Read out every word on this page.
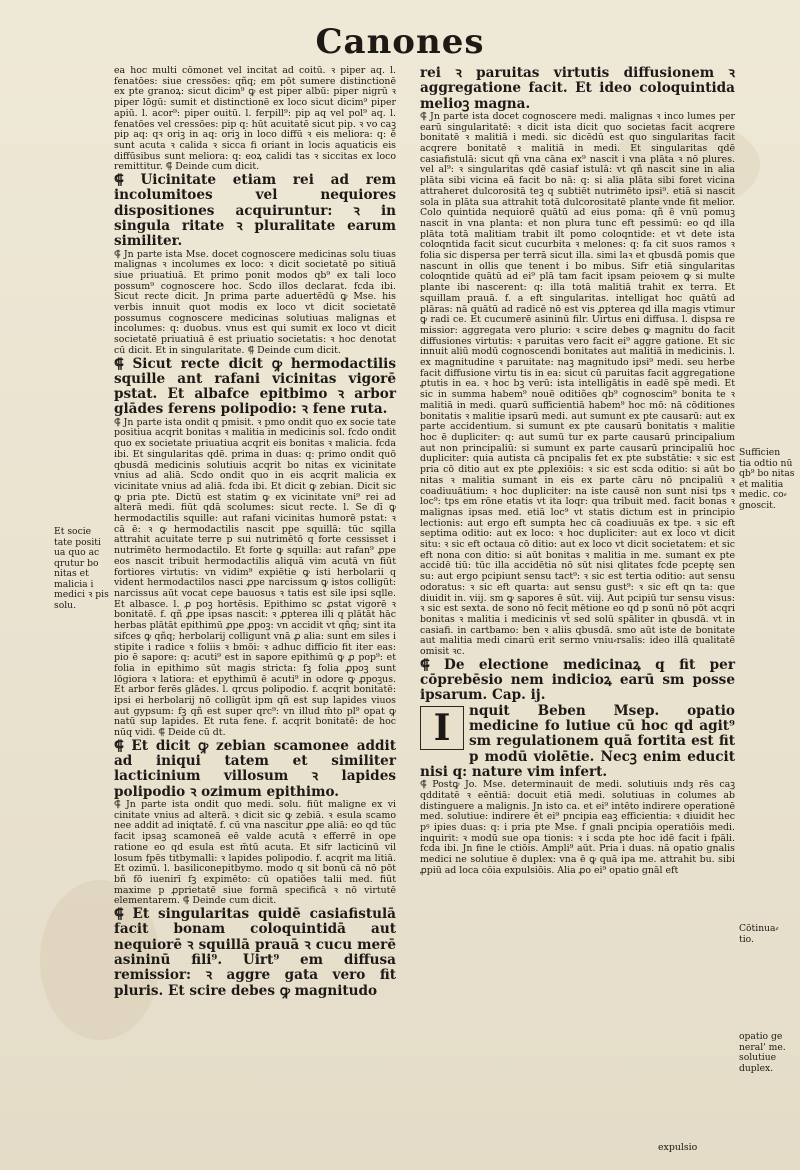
Canones

ea hoc multi cōmonet vel incitat ad coitū. ꝛ piper aq. l. fenatōes: siue cressōes: qñq; em pōt sumere distinctionē ex pte granoꝝ: sicut dicim⁹ ꝙ est piper albū: piper nigrū ꝛ piper lōgū: sumit et distinctionē ex loco sicut dicim⁹ piper apiū. l. acor⁹: piper ouitū. l. ferpill⁹: pip aq vel pol⁹ aq. l. fenatōes vel cressōes: pip q: hūt acuitatē sicut pip. ꝛ vo caꝫ pip aq: qꝛ oriꝫ in aq: oriꝫ in loco diffū ꝛ eis meliora: q: ē sunt acuta ꝛ calida ꝛ sicca fi oriant in locis aquaticis eis diffūsibus sunt meliora: q: eoꝝ calidi tas ꝛ siccitas ex loco remittitur. ⸿ Deinde cum dicit.

⸿ Uicinitate etiam rei ad rem incolumitoes vel nequiores dispositiones acquiruntur: ꝛ in singula ritate ꝛ pluralitate earum similiter.

⸿ Jn parte ista Mse. docet cognoscere medicinas solu tiuas malignas ꝛ incolumes ex loco: ꝛ dicit societatē po sitiuā siue priuatiuā. Et primo ponit modos qb⁹ ex tali loco possum⁹ cognoscere hoc. Scdo illos declarat. fcda ibi. Sicut recte dicit. Jn prima parte aduertēdū ꝙ Mse. his verbis innuit quot modis ex loco vt dicit societatē possumus cognoscere medicinas solutiuas malignas et incolumes: q: duobus. vnus est qui sumit ex loco vt dicit societatē priuatiuā ē est priuatio societatis: ꝛ hoc denotat cū dicit. Et in singularitate. ⸿ Deinde cum dicit.

⸿ Sicut recte dicit ꝙ hermodactilis squille ant rafani vicinitas vigorē pstat. Et albafce epitbimo ꝛ arbor glādes ferens polipodio: ꝛ fene ruta.

⸿ Jn parte ista ondit q pmisit. ꝛ pmo ondit quo ex socie tate positiua acqrit bonitas ꝛ malitia in medicinis sol. fcdo ondit quo ex societate priuatiua acqrit eis bonitas ꝛ malicia. fcda ibi. Et singularitas qdē. prima in duas: q: primo ondit quō qbusdā medicinis solutiuis acqrit bo nitas ex vicinitate vnius ad aliā. Scdo ondit quo in eis acqrit malicia ex vicinitate vnius ad aliā. fcda ibi. Et dicit ꝙ zebian. Dicit sic ꝙ pria pte. Dictū est statim ꝙ ex vicinitate vni⁹ rei ad alterā medi. fiūt qdā scolumes: sicut recte. l. Se dī ꝙ hermodactilis squille: aut rafani vicinitas humorē pstat: ꝛ cā ē: ꝛ ꝙ hermodactilis nascit ppe squillā: tūc sqilla attrahit acuitate terre p sui nutrimētō q forte cessisset i nutrimēto hermodactilo. Et forte ꝙ squilla: aut rafan⁹ ꝓpe eos nascit tribuit hermodactilis aliquā vim acutā vn fiūt fortiores virtutis: vn vidim⁹ expiētie ꝙ isti herbolarii q vident hermodactilos nasci ꝓpe narcissum ꝙ istos colligūt: narcissus aūt vocat cepe bauosus ꝛ tatis est sile ipsi sqlle. Et albasce. l. ꝓ poꝫ hortēsis. Epithimo sc ꝓstat vigorē ꝛ bonitatē. f. qñ ꝓpe ipsas nascit: ꝛ ꝓpterea illi q plātāt hāc herbas plātāt epithimū ꝓpe ꝓpoꝫ: vn accidit vt qñq; sint ita sifces ꝙ qñq; herbolarij colligunt vnā ꝓ alia: sunt em siles i stipite i radice ꝛ foliis ꝛ bmōi: ꝛ adhuc difficio fit iter eas: pio ē sapore: q: acuti⁹ est in sapore epithimū ꝙ ꝓ pop⁹: et folia in epithimo sūt magis stricta: fꝫ folia ꝓpoꝫ sunt lōgiora ꝛ latiora: et epythimū ē acuti⁹ in odore ꝙ ꝓpoꝫus. Et arbor ferēs glādes. l. qrcus polipodio. f. acqrit bonitatē: ipsi ei herbolarij nō colligūt ipm qñ est sup lapides viuos aut gypsum: fꝫ qñ est super qrc⁹: vn illud m̄to pl⁹ opat ꝙ natū sup lapides. Et ruta fene. f. acqrit bonitatē: de hoc nūq vidi. ⸿ Deide cū dt.

⸿ Et dicit ꝙ zebian scamonee addit ad iniqui tatem et similiter lacticinium villosum ꝛ lapides polipodio ꝛ ozimum epithimo.

⸿ Jn parte ista ondit quo medi. solu. fiūt maligne ex vi cinitate vnius ad alterā. ꝛ dicit sic ꝙ zebiā. ꝛ esula scamo nee addit ad iniqtatē. f. cū vna nascitur ꝓpe aliā: eo qd tūc facit ipsaꝫ scamoneā eē valde acutā ꝛ efferrē in ope ratione eo qd esula est m̄tū acuta. Et sifr lacticinū vil losum fpēs titbymalli: ꝛ lapides polipodio. f. acqrit ma litiā. Et ozimū. l. basiliconepitbymo. modo q sit bonū cā nō pōt bñ fō iuenirī fꝫ expimēto: cū opatiões talii med. fiūt maxime p ꝓprietatē siue formā specificā ꝛ nō virtutē elementarem. ⸿ Deinde cum dicit.

⸿ Et singularitas quidē casiafistulā facit bonam coloquintidā aut nequiorē ꝛ squillā prauā ꝛ cucu merē asininū fili⁹. Uirt⁹ em diffusa remissior: ꝛ aggre gata vero fit pluris. Et scire debes ꝙ magnitudo

rei ꝛ paruitas virtutis diffusionem ꝛ aggregatione facit. Et ideo coloquintida melioꝫ magna.

⸿ Jn parte ista docet cognoscere medi. malignas ꝛ inco lumes per earū singularitatē: ꝛ dicit ista dicit quo societas facit acqrere bonitatē ꝛ malitiā i medi. sic dicēdū est quo singularitas facit acqrere bonitatē ꝛ malitiā in medi. Et singularitas qdē casiafistulā: sicut qñ vna cāna ex⁹ nascit i vna plāta ꝛ nō plures. vel al⁹: ꝛ singularitas qdē casiaf istulā: vt qñ nascit sine in alia plāta sibi vicina eā facit bo nā: q: si alia plāta sibi foret vicina attraheret dulcorositā teꝫ q subtiēt nutrimēto ipsi⁹. etiā si nascit sola in plāta sua attrahit totā dulcorositatē plante vnde fit melior. Colo quintida nequiorē quātū ad eius poma: qñ ē vnū pomuꝫ nascit in vna planta: et non plura tunc eft pessimū: eo qd illa plāta totā malitiam trabit ilt pomo coloqntide: et vt dete ista coloqntida facit sicut cucurbita ꝛ melones: q: fa cit suos ramos ꝛ folia sic dispersa per terrā sicut illa. simi laꝛ et qbusdā pomis que nascunt in ollis que tenent i bo mibus. Sifr etiā singularitas coloqntide quātū ad ei⁹ plā tam facit ipsam peioꝛem ꝙ si multe plante ibi nascerent: q: illa totā malitiā trahit ex terra. Et squillam prauā. f. a eft singularitas. intelligat hoc quātū ad plāras: nā quātū ad radicē nō est vis ꝓpterea qd illa magis vtimur ꝙ radi ce. Et cucumerē asininū filr. Uirtus eni diffusa. l. dispsa re missior: aggregata vero plurio: ꝛ scire debes ꝙ magnitu do facit diffusiones virtutis: ꝛ paruitas vero facit ei⁹ aggre gatione. Et sic innuit aliū modū cognoscendi bonitates aut malitiā in medicinis. l. ex magnitudine ꝛ paruitate: naꝫ magnitudo ipsi⁹ medi. seu herbe facit diffusione virtu tis in ea: sicut cū paruitas facit aggregatione ꝓtutis in ea. ꝛ hoc bꝫ verū: ista intelligātis in eadē spē medi. Et sic in summa habem⁹ nouē oditiões qb⁹ cognoscim⁹ bonita te ꝛ malitiā in medi. quarū sufficientiā habem⁹ hoc mō: nā cōditiones bonitatis ꝛ malitie ipsarū medi. aut sumunt ex pte causarū: aut ex parte accidentium. si sumunt ex pte causarū bonitatis ꝛ malitie hoc ē dupliciter: q: aut sumū tur ex parte causarū principalium aut non principaliū: si sumunt ex parte causarū principaliū hoc dupliciter: quia autista cā pncipalis fet ex pte substātie: ꝛ sic est pria cō ditio aut ex pte ꝓplexiōis: ꝛ sic est scda oditio: si aūt bo nitas ꝛ malitia sumant in eis ex parte cāru nō pncipaliū ꝛ coadiuuātium: ꝛ hoc dupliciter: na iste causē non sunt nisi tps ꝛ loc⁹: tps em rōne etatis vt ita loqr: qua tribuit med. facit bonas ꝛ malignas ipsas med. etiā loc⁹ vt statis dictum est in principio lectionis: aut ergo eft sumpta hec cā coadiuuās ex tpe. ꝛ sic eft septima oditio: aut ex loco: ꝛ hoc dupliciter: aut ex loco vt dicit situ: ꝛ sic eft octaua cō ditio: aut ex loco vt dicit societatem: et sic eft nona con ditio: si aūt bonitas ꝛ malitia in me. sumant ex pte accidē tiū: tūc illa accidētia nō sūt nisi qlitates fcde pceptę sen su: aut ergo pcipiunt sensu tact⁹: ꝛ sic est tertia oditio: aut sensu odoratus: ꝛ sic eft quarta: aut sensu gust⁹: ꝛ sic eft qn ta: que diuidit in. viij. sm ꝙ sapores ē sūt. viij. Aut pcipiū tur sensu visus: ꝛ sic est sexta. de sono nō fecit mētione eo qd p sonū nō pōt acqri bonitas ꝛ malitia i medicinis vt̄ sed solū spāliter in qbusdā. vt in casiafi. in cartbamo: ben ꝛ aliis qbusdā. smo aūt iste de bonitate aut malitia medi cinarū erit sermo vniu⸗rsalis: ideo illā qualitatē omisit ꝛc.

⸿ De electione medicinaꝝ q fit per cōprebēsio nem indicioꝝ earū sm posse ipsarum. Cap. ij.

I	nquit Beben Msep. opatio medicine fo lutiue cū hoc qd agit⁹ sm regulationem quā fortita est fit p modū violētie. Necꝫ enim educit nisi q: nature vim infert.

⸿ Postꝙ Jo. Mse. determinauit de medi. solutiuis ındȝ rēs caꝫ qdditatē ꝛ eēntiā: docuit etiā medi. solutiuas in columes ab distinguere a malignis. Jn isto ca. et ei⁹ intēto indirere operationē med. solutiue: indirere ēt ei⁹ pncipia eaꝫ efficientia: ꝛ diuidit hec pꝰ ipies duas: q: i pria pte Mse. f gnali pncipia operatiōis medi. inquirit: ꝛ modū sue opa tionis: ꝛ i scda pte hoc idē facit i fpāli. fcda ibi. Jn fine le ctiōis. Ampli⁹ aūt. Pria i duas. nā opatio gnalis medici ne solutiue ē duplex: vna ē ꝙ quā ipa me. attrahit bu. sibi ꝓpiū ad loca cōia expulsiōis. Alia ꝓo ei⁹ opatio gnāl eft

Et socie tate positi ua quo ac qrutur bo nitas et malicia i medici ꝛ pis solu.
Sufficien tia odtio nū qb⁹ bo nitas et malitia medic. co⸗ gnoscit.
Cōtinua⸗ tio.
opatio ge neral' me. solutiue duplex.
expulsio
